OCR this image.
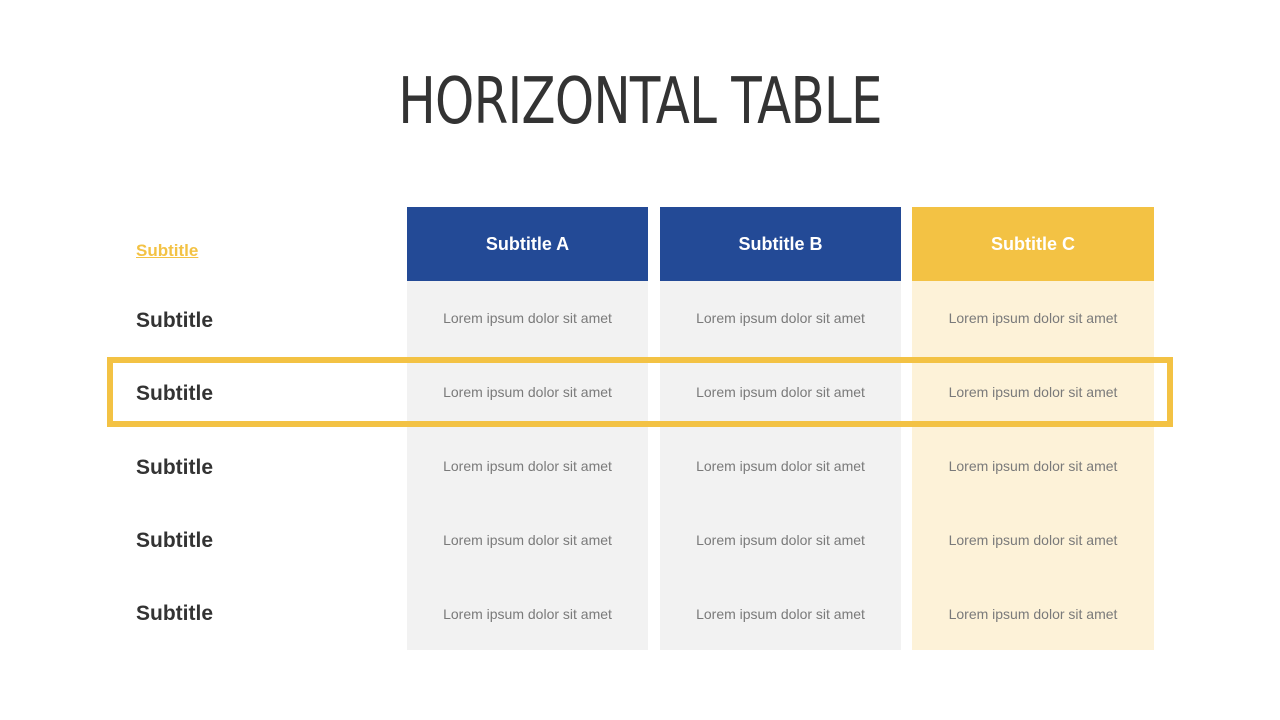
HORIZONTAL TABLE
Subtitle
Subtitle
Subtitle
Subtitle
Subtitle
Subtitle
Subtitle A
Lorem ipsum dolor sit amet
Lorem ipsum dolor sit amet
Lorem ipsum dolor sit amet
Lorem ipsum dolor sit amet
Lorem ipsum dolor sit amet
Subtitle B
Lorem ipsum dolor sit amet
Lorem ipsum dolor sit amet
Lorem ipsum dolor sit amet
Lorem ipsum dolor sit amet
Lorem ipsum dolor sit amet
Subtitle C
Lorem ipsum dolor sit amet
Lorem ipsum dolor sit amet
Lorem ipsum dolor sit amet
Lorem ipsum dolor sit amet
Lorem ipsum dolor sit amet
